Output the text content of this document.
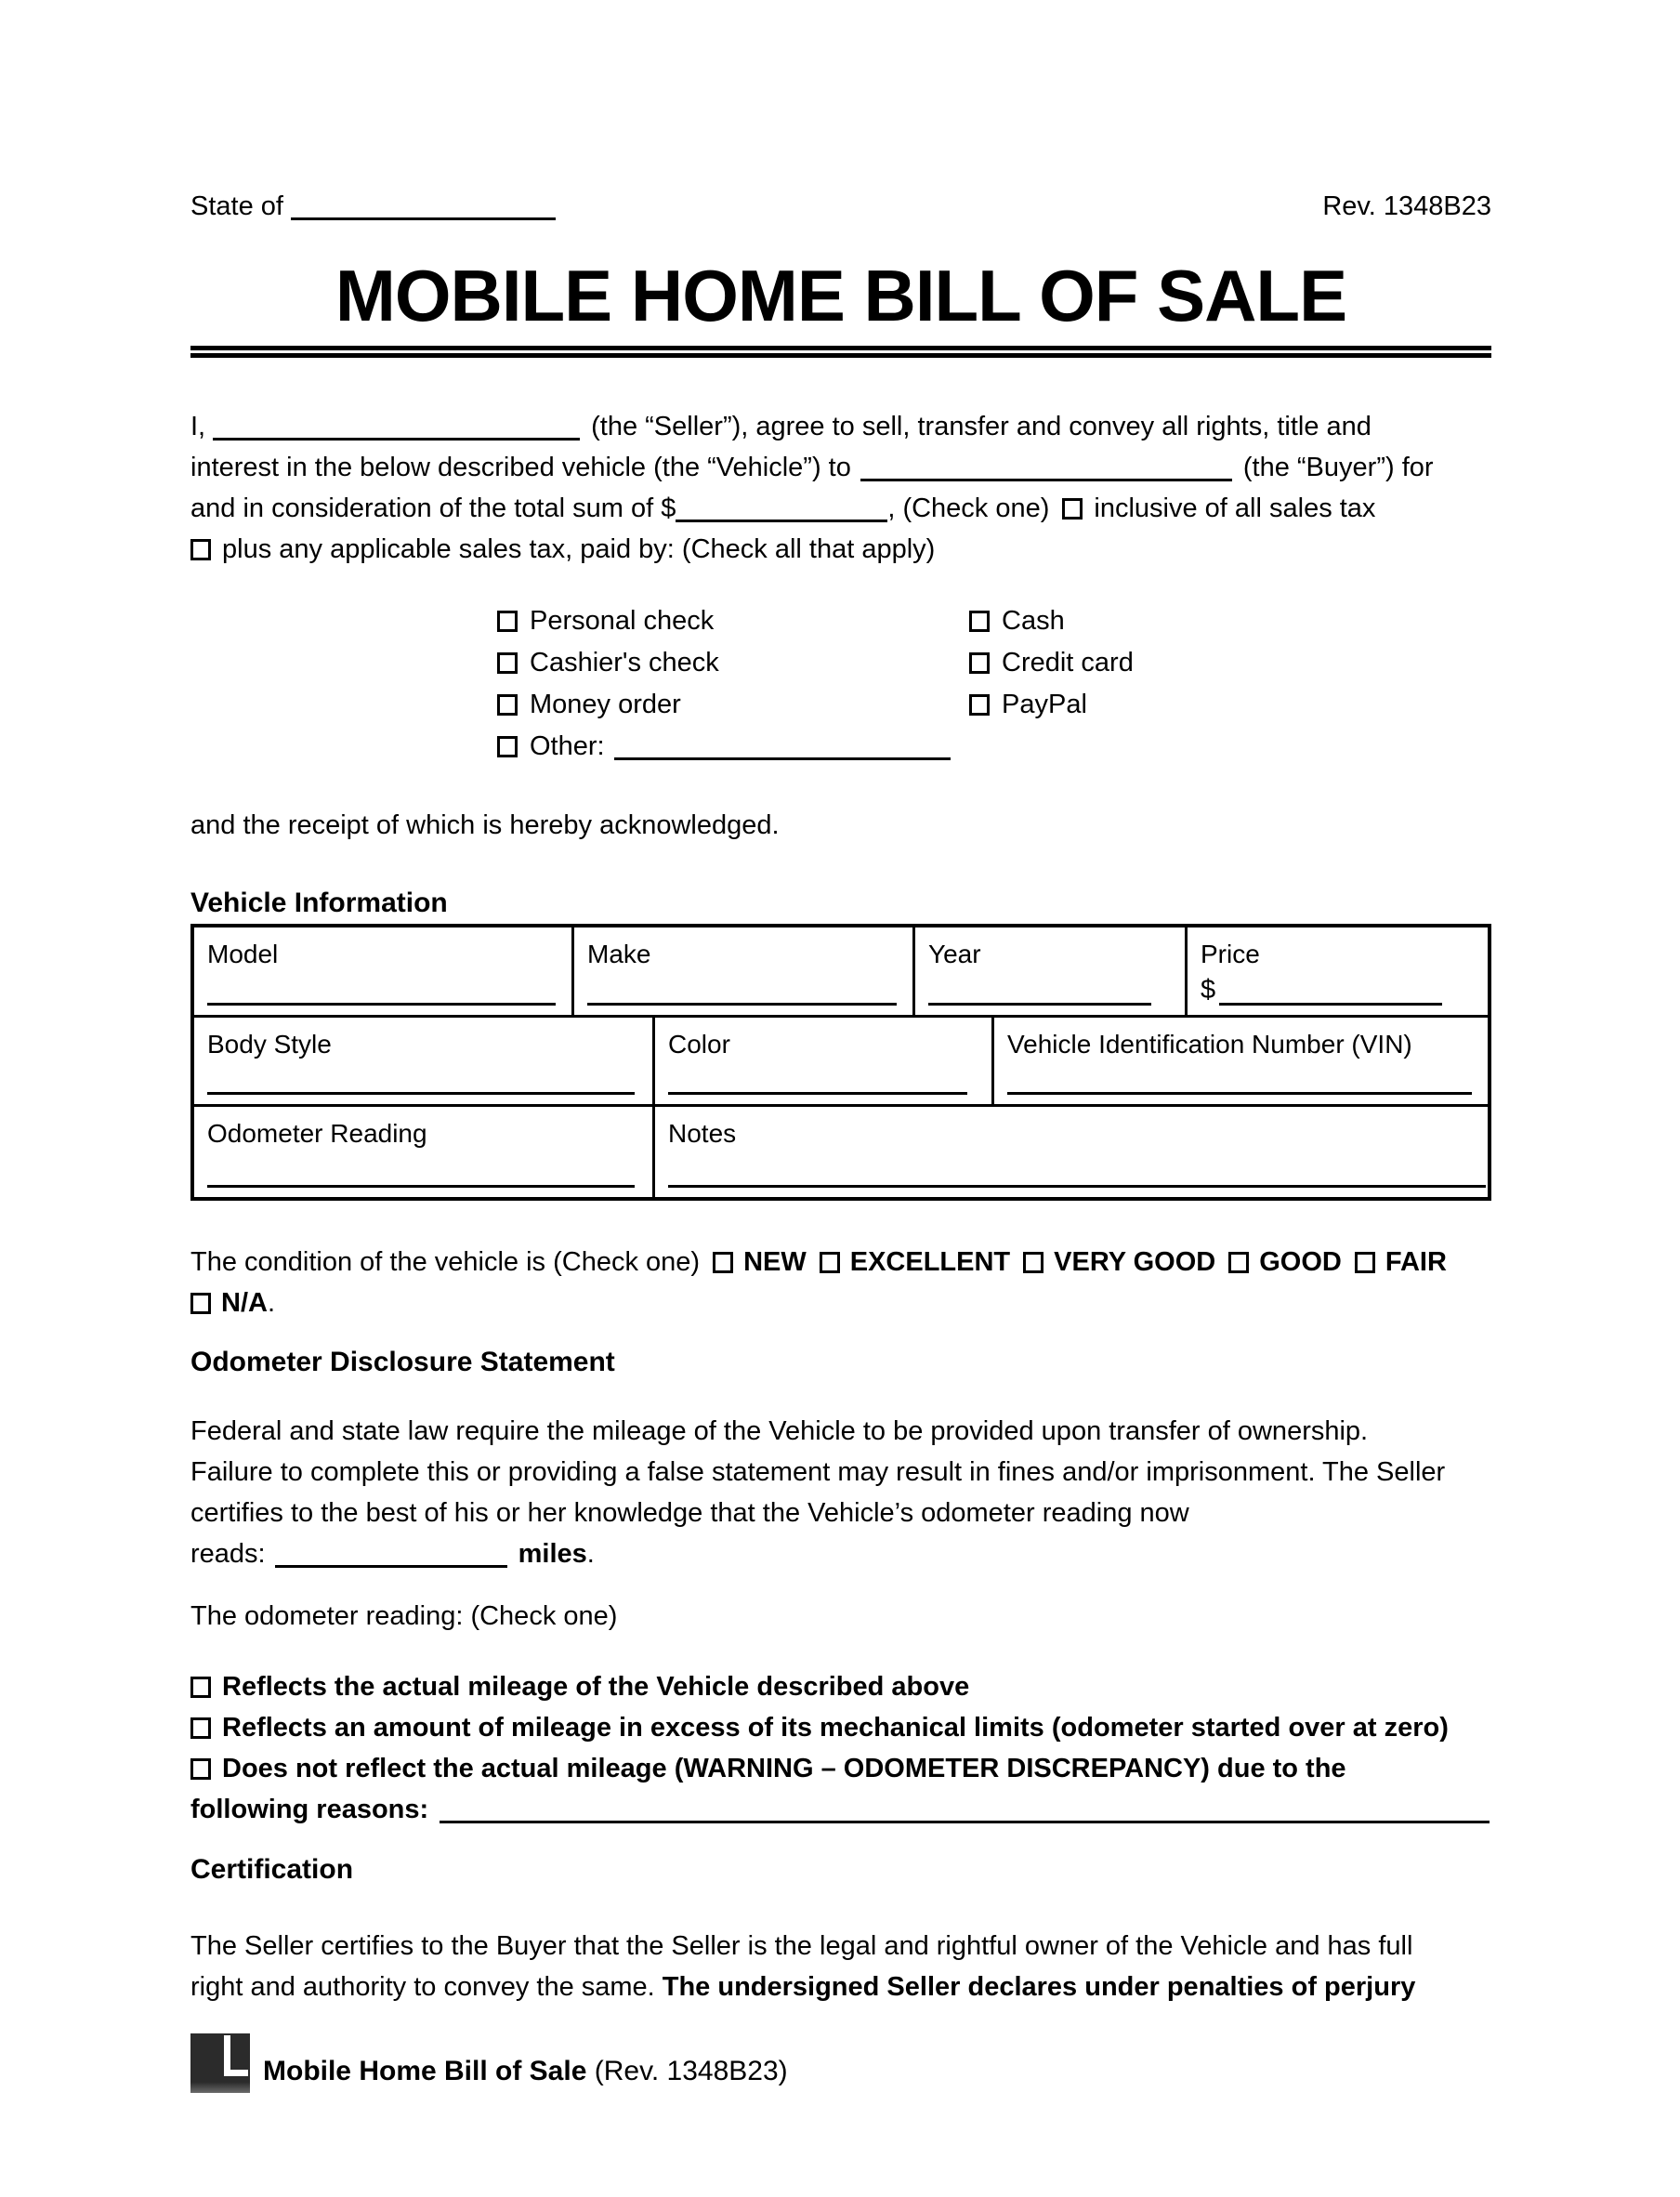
State of	Rev. 1348B23
MOBILE HOME BILL OF SALE
I,	(the “Seller”), agree to sell, transfer and convey all rights, title and
interest in the below described vehicle (the “Vehicle”) to	(the “Buyer”) for
and in consideration of the total sum of $	, (Check one) inclusive of all sales tax
plus any applicable sales tax, paid by: (Check all that apply)
Personal check
Cashier's check
Money order
Other:
Cash
Credit card
PayPal
and the receipt of which is hereby acknowledged.
Vehicle Information
Model	Make	Year	Price
$
Body Style	Color	Vehicle Identification Number (VIN)
Odometer Reading	Notes
The condition of the vehicle is (Check one) NEW EXCELLENT VERY GOOD GOOD FAIR
N/A.
Odometer Disclosure Statement
Federal and state law require the mileage of the Vehicle to be provided upon transfer of ownership.
Failure to complete this or providing a false statement may result in fines and/or imprisonment. The Seller
certifies to the best of his or her knowledge that the Vehicle’s odometer reading now
reads:	miles.
The odometer reading: (Check one)
Reflects the actual mileage of the Vehicle described above
Reflects an amount of mileage in excess of its mechanical limits (odometer started over at zero)
Does not reflect the actual mileage (WARNING – ODOMETER DISCREPANCY) due to the
following reasons:
Certification
The Seller certifies to the Buyer that the Seller is the legal and rightful owner of the Vehicle and has full
right and authority to convey the same. The undersigned Seller declares under penalties of perjury
Mobile Home Bill of Sale (Rev. 1348B23)
